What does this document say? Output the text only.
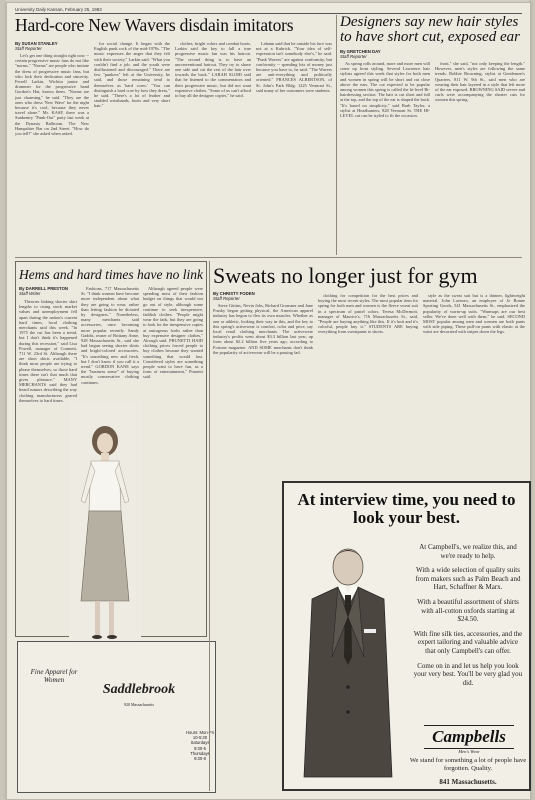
University Daily Kansan, February 25, 1983
Hard-core New Wavers disdain imitators
By SUSAN STANLEY
Staff Reporter

Let's get one thing straight right now -- certain progressive music fans do not like "norms." "Norms" are people who imitate the dress of progressive music fans, but who lack their dedication and sincerity. Ferrell Larkin, Wichita junior and drummer for the progressive band Gordon's Hat, knows them. "Norms are just charming," he said. "They are the ones who dress 'New Wave' for the night because it's cool, because they never travel alone." Mr. KASF, there was a Sunkentry "Punk-Out" party last week at the Dynasty Ballroom. The New Hampshire Bar on 2nd Street. "How do you tell?" she asked when asked.

for social change. It began with the English punk rock of the mid-1970s. "The music expresses the anger that they felt with their society," Larkin said. "What you couldn't find a job, and the youth were disillusioned and discouraged." There are few "punkers" left at the University, he said, and those remaining tend to themselves as 'hard cores.' "You can distinguish a hard core by how they dress," he said. "There's a lot of leather and studded wristbands, boots and very short hair."

clothes, bright colors and combat boots. Larkin said the key to fall a true progressive music fan was his haircut. "The second thing is to have an unconventional haircut. They try to shave one side and cut the rest of the hair over towards the back." LARAH SLOHI said that he listened to the commentators and their progressive music, but did not want expensive clothes. "Some of us can't afford to buy all the designer copies," he said.

Lahann said that he outside his face was not at a Kubrick. "Your idea of self-expression isn't somebody else's," he said. "Punk Wavers" are against conformity, but conformity -- spending lots of money just because you have to, he said. "The Wavers are anti-everything and politically oriented." FRANCES ALBERTSON, of St. John's Park Bldg. 1225 Vermont St., said many of her customers were students.

Designers say new hair styles to have short cut, exposed ear
By GRETCHEN DAY
Staff Reporter

As spring rolls around, more and more men will come up front styling. Several Lawrence hair stylists agreed this week that styles for both men and women in spring will be short and cut close above the ears. The cut expected to be popular among women this spring is called the hi-level Bi-hairdressing section. The hair is cut short and full at the top, and the top of the ear is shaped the back. "It's based on simplicity," said Barb Taylor, a stylist at Headhunters, 828 Vermont St. THE HI-LEVEL cut can be styled to fit the occasion.

front," she said, "not only keeping the length." However, men's styles are following the same trends. Bobbie Browning, stylist at Gentlemen's Quarters, 811 W. 9th St., said men who are wearing their hair layered in a style that left more of the ear exposed. BROWNING SAID severe and curls were accompanying the shorter cuts for women this spring.

Hems and hard times have no link
By DARRELL PRESTON
Staff Writer

Theories linking shorter skirt lengths to rising stock market values and unemployment fell apart during the nation's current hard times, local clothing merchants said this week. "In 1975 the cut has been a trend, but I don't think it's happened during this recession," said Lisa Powell, manager of Cornnett, 711 W. 23rd St. Although there are short skirts available, "I think most people are trying to please themselves, so those hard times there isn't that much that gives pleasure." MANY MERCHANTS said they had heard rumors describing the way clothing manufacturers geared themselves to hard times.

Fashions, 717 Massachusetts St. "I think women have become more independent about what they are going to wear, rather than letting fashion be dictated by designers." Nonetheless, many merchants said accessories, once becoming more popular recently. Sandy Gaddis, owner of Brittany Anne, 928 Massachusetts St., said she had begun seeing shorter skirts and bright-colored accessories. "It's something new and fresh, but I don't know if you call it a trend." GORDON KANE says the "business sense" of buying mostly conservative clothing continues.

Although agreed people were spending most of their fashion budget on things that would not go out of style, although some continue to seek inexpensive, faddish clothes. "People might wear the fads, but they are going to look for the inexpensive copies at outrageous looks rather than buy expensive designer clothes," Alrough said. PRUNETTI HAID clothing prices forced people to buy clothes because they wanted something that would last. Considered styles are something people want to have fun, as a form of entertainment," Prunetti said.

Fine Apparel for Women
Saddlebrook
920 Massachusetts
Hours: Mon-Fri 10-5:30 Saturdays 9:30-5 Thursdays 9:30-8
Sweats no longer just for gym
By CHRISTY FODEN
Staff Reporter

Steve Gittins, Nevin Jobs, Richard Gronsner and Jane Prusky began getting physical, the American apparel industry has begun to flex its own muscles. Whether as one or athletic, looking their way in this, and the key to this spring's activewear is comfort, color and price, say local retail clothing merchants. The activewear industry's profits went about $3.3 billion last year, up from about $2.2 billion five years ago, according to Fortune magazine. AND SOME merchants don't think the popularity of activewear will be a passing fad.

clothing for competition for the best prices and buying the most recent styles. The most popular item for spring for both men and women is the fleece sweat suit in a spectrum of pastel colors. Teresa McDermott, manager of Maurice's, 716 Massachusetts St., said, "People are buying anything like this. If it's knit and it's colorful, people buy it." STUDENTS ARE buying everything from sweatpants to shorts.

style as the sweat suit but is a thinner, lightweight material. John Lorenzo, an employee of Jo Bonne Sporting Goods, 541 Massachusetts St., emphasized the popularity of warm-up suits. "Warmups are our best seller. We've done well with them," he said. SECOND MOST popular among men and women are both pants with side piping. These pull-on pants with elastic at the waist are decorated with stripes down the legs.

At interview time, you need to look your best.

At Campbell's, we realize this, and we're ready to help.

With a wide selection of quality suits from makers such as Palm Beach and Hart, Schaffner & Marx.

With a beautiful assortment of shirts with all-cotton oxfords starting at $24.50.

With fine silk ties, accessories, and the expert tailoring and valuable advice that only Campbell's can offer.

Come on in and let us help you look your very best. You'll be very glad you did.

Campbells
Men's Wear
We stand for something a lot of people have forgotten. Quality.
841 Massachusetts.
